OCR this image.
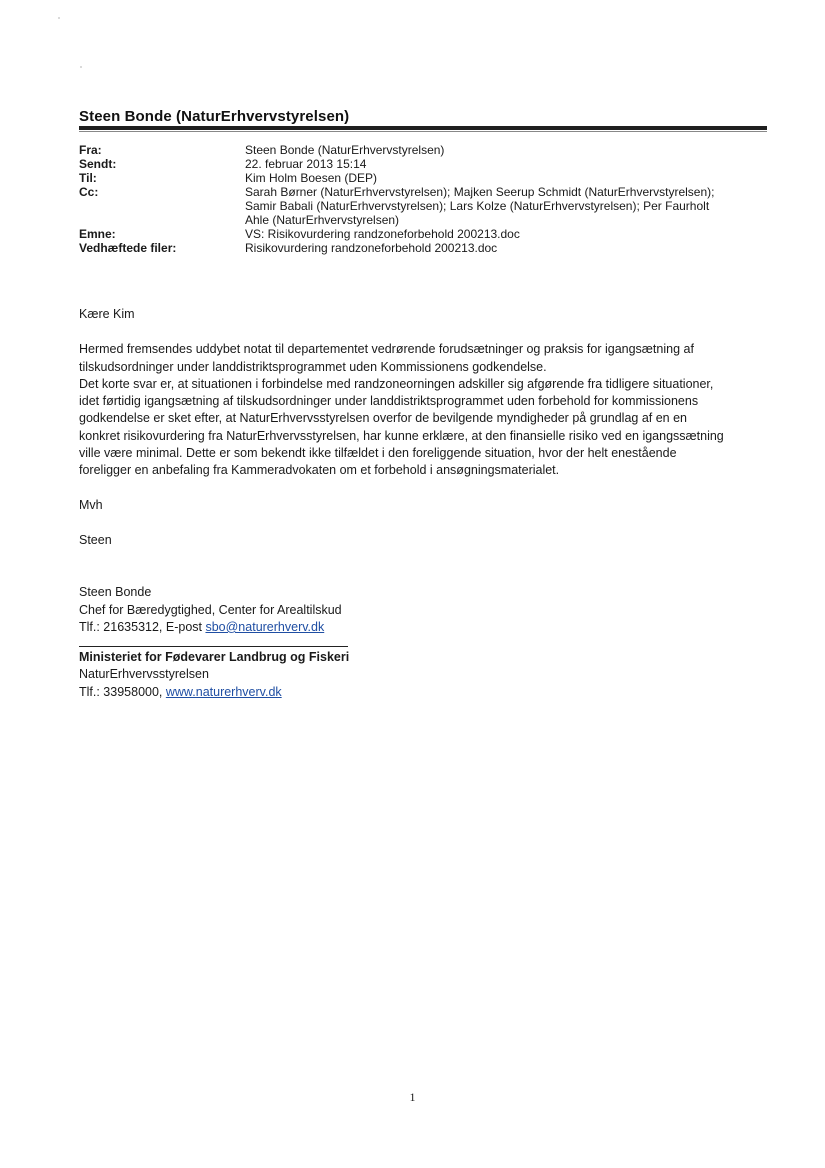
Steen Bonde (NaturErhvervstyrelsen)
Fra:	Steen Bonde (NaturErhvervstyrelsen)
Sendt:	22. februar 2013 15:14
Til:	Kim Holm Boesen (DEP)
Cc:	Sarah Børner (NaturErhvervstyrelsen); Majken Seerup Schmidt (NaturErhvervstyrelsen);
Samir Babali (NaturErhvervstyrelsen); Lars Kolze (NaturErhvervstyrelsen); Per Faurholt
Ahle (NaturErhvervstyrelsen)
Emne:	VS: Risikovurdering randzoneforbehold 200213.doc
Vedhæftede filer:	Risikovurdering randzoneforbehold 200213.doc

Kære Kim

Hermed fremsendes uddybet notat til departementet vedrørende forudsætninger og praksis for igangsætning af

tilskudsordninger under landdistriktsprogrammet uden Kommissionens godkendelse.

Det korte svar er, at situationen i forbindelse med randzoneorningen adskiller sig afgørende fra tidligere situationer,

idet førtidig igangsætning af tilskudsordninger under landdistriktsprogrammet uden forbehold for kommissionens

godkendelse er sket efter, at NaturErhvervsstyrelsen overfor de bevilgende myndigheder på grundlag af en en

konkret risikovurdering fra NaturErhvervsstyrelsen, har kunne erklære, at den finansielle risiko ved en igangssætning

ville være minimal. Dette er som bekendt ikke tilfældet i den foreliggende situation, hvor der helt enestående

foreligger en anbefaling fra Kammeradvokaten om et forbehold i ansøgningsmaterialet.

Mvh

Steen

Steen Bonde

Chef for Bæredygtighed, Center for Arealtilskud

Tlf.: 21635312, E-post sbo@naturerhverv.dk

Ministeriet for Fødevarer Landbrug og Fiskeri

NaturErhvervsstyrelsen

Tlf.: 33958000, www.naturerhverv.dk

1
